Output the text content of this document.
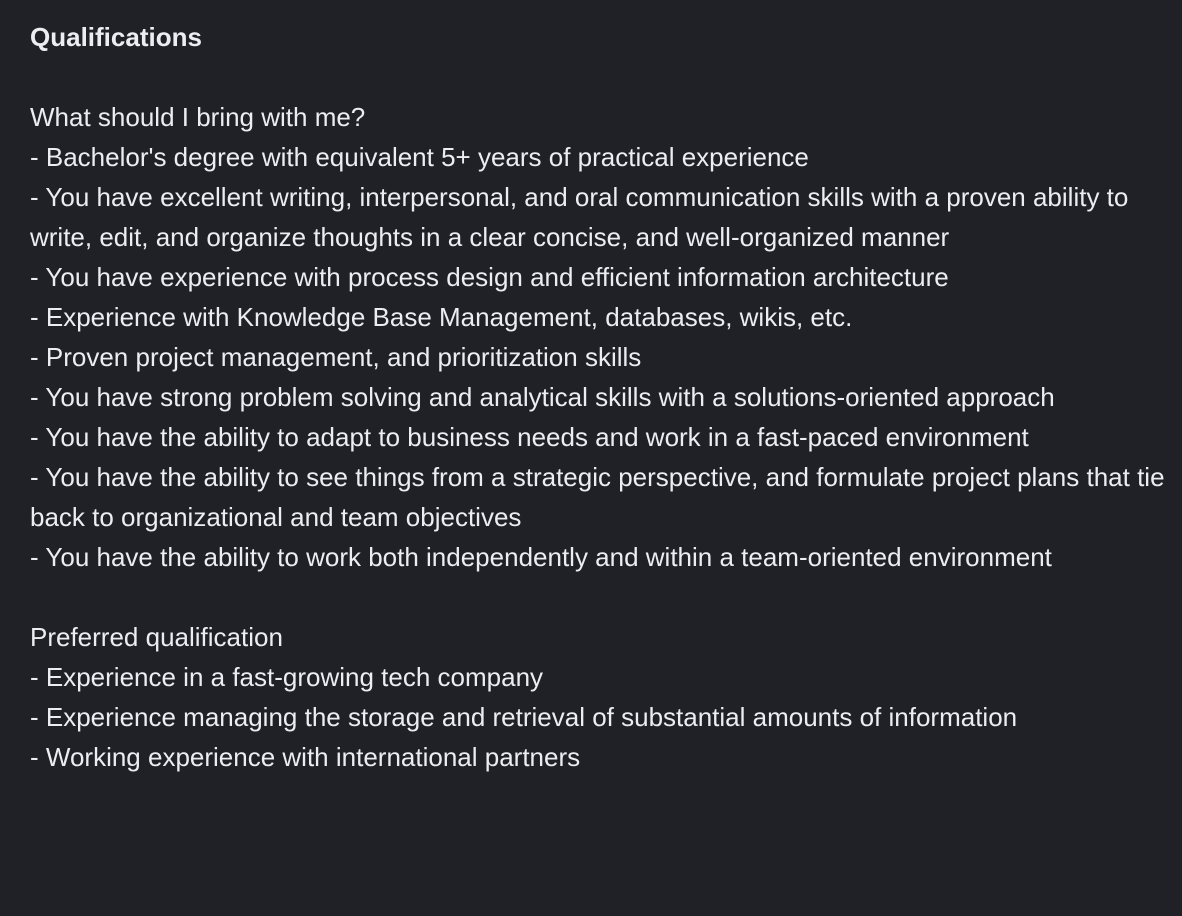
Qualifications
What should I bring with me?
- Bachelor's degree with equivalent 5+ years of practical experience
- You have excellent writing, interpersonal, and oral communication skills with a proven ability to write, edit, and organize thoughts in a clear concise, and well-organized manner
- You have experience with process design and efficient information architecture
- Experience with Knowledge Base Management, databases, wikis, etc.
- Proven project management, and prioritization skills
- You have strong problem solving and analytical skills with a solutions-oriented approach
- You have the ability to adapt to business needs and work in a fast-paced environment
- You have the ability to see things from a strategic perspective, and formulate project plans that tie back to organizational and team objectives
- You have the ability to work both independently and within a team-oriented environment
Preferred qualification
- Experience in a fast-growing tech company
- Experience managing the storage and retrieval of substantial amounts of information
- Working experience with international partners
